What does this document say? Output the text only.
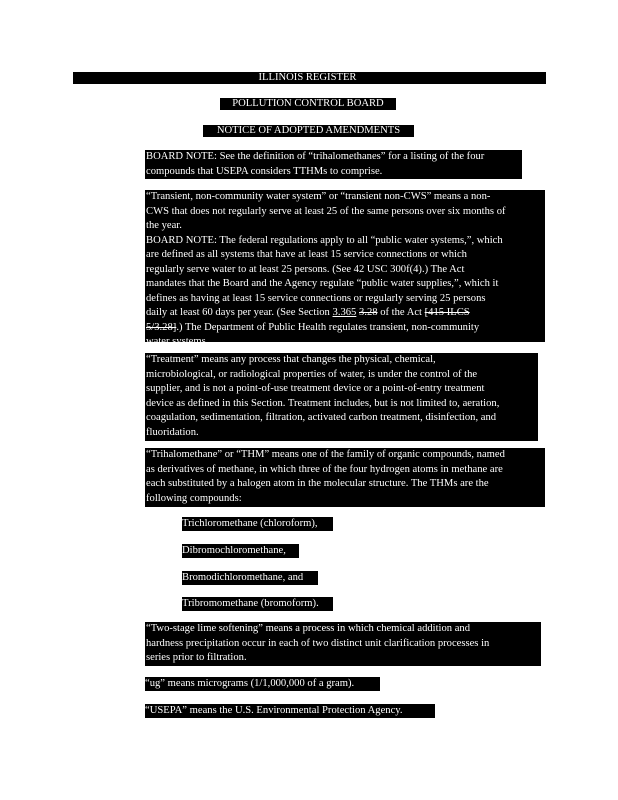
ILLINOIS REGISTER
POLLUTION CONTROL BOARD
NOTICE OF ADOPTED AMENDMENTS
BOARD NOTE: See the definition of “trihalomethanes” for a listing of the four
compounds that USEPA considers TTHMs to comprise.
“Transient, non-community water system” or “transient non-CWS” means a non-
CWS that does not regularly serve at least 25 of the same persons over six months of
the year.
BOARD NOTE: The federal regulations apply to all “public water systems,”, which
are defined as all systems that have at least 15 service connections or which
regularly serve water to at least 25 persons. (See 42 USC 300f(4).) The Act
mandates that the Board and the Agency regulate “public water supplies,”, which it
defines as having at least 15 service connections or regularly serving 25 persons
daily at least 60 days per year. (See Section 3.365 3.28 of the Act [415 ILCS
5/3.28].) The Department of Public Health regulates transient, non-community
water systems.
“Treatment” means any process that changes the physical, chemical,
microbiological, or radiological properties of water, is under the control of the
supplier, and is not a point-of-use treatment device or a point-of-entry treatment
device as defined in this Section. Treatment includes, but is not limited to, aeration,
coagulation, sedimentation, filtration, activated carbon treatment, disinfection, and
fluoridation.
“Trihalomethane” or “THM” means one of the family of organic compounds, named
as derivatives of methane, in which three of the four hydrogen atoms in methane are
each substituted by a halogen atom in the molecular structure. The THMs are the
following compounds:
Trichloromethane (chloroform),
Dibromochloromethane,
Bromodichloromethane, and
Tribromomethane (bromoform).
“Two-stage lime softening” means a process in which chemical addition and
hardness precipitation occur in each of two distinct unit clarification processes in
series prior to filtration.
“ug” means micrograms (1/1,000,000 of a gram).
“USEPA” means the U.S. Environmental Protection Agency.
